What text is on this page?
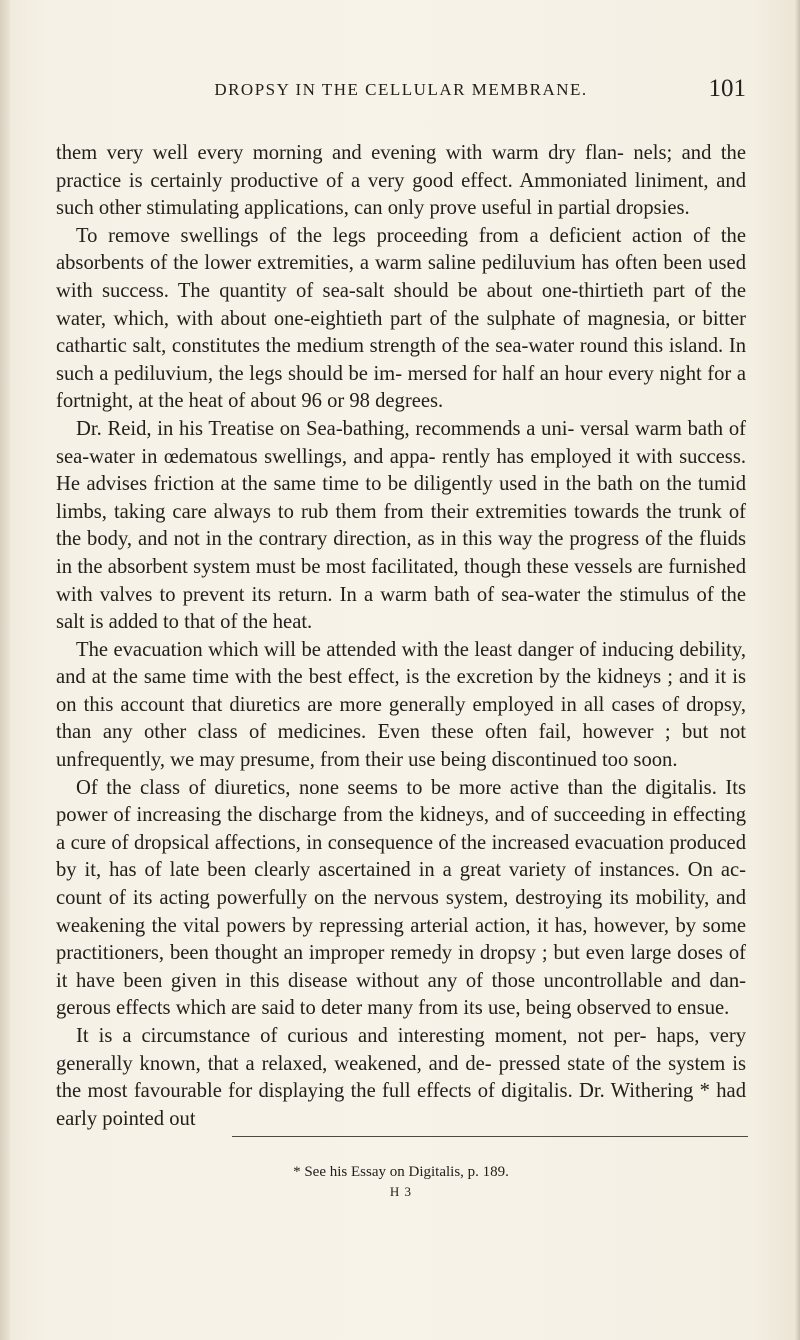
DROPSY IN THE CELLULAR MEMBRANE.	101

them very well every morning and evening with warm dry flan- nels; and the practice is certainly productive of a very good effect. Ammoniated liniment, and such other stimulating applications, can only prove useful in partial dropsies.

To remove swellings of the legs proceeding from a deficient action of the absorbents of the lower extremities, a warm saline pediluvium has often been used with success. The quantity of sea-salt should be about one-thirtieth part of the water, which, with about one-eightieth part of the sulphate of magnesia, or bitter cathartic salt, constitutes the medium strength of the sea-water round this island. In such a pediluvium, the legs should be im- mersed for half an hour every night for a fortnight, at the heat of about 96 or 98 degrees.

Dr. Reid, in his Treatise on Sea-bathing, recommends a uni- versal warm bath of sea-water in œdematous swellings, and appa- rently has employed it with success. He advises friction at the same time to be diligently used in the bath on the tumid limbs, taking care always to rub them from their extremities towards the trunk of the body, and not in the contrary direction, as in this way the progress of the fluids in the absorbent system must be most facilitated, though these vessels are furnished with valves to prevent its return. In a warm bath of sea-water the stimulus of the salt is added to that of the heat.

The evacuation which will be attended with the least danger of inducing debility, and at the same time with the best effect, is the excretion by the kidneys ; and it is on this account that diuretics are more generally employed in all cases of dropsy, than any other class of medicines. Even these often fail, however ; but not unfrequently, we may presume, from their use being discontinued too soon.

Of the class of diuretics, none seems to be more active than the digitalis. Its power of increasing the discharge from the kidneys, and of succeeding in effecting a cure of dropsical affections, in consequence of the increased evacuation produced by it, has of late been clearly ascertained in a great variety of instances. On ac- count of its acting powerfully on the nervous system, destroying its mobility, and weakening the vital powers by repressing arterial action, it has, however, by some practitioners, been thought an improper remedy in dropsy ; but even large doses of it have been given in this disease without any of those uncontrollable and dan- gerous effects which are said to deter many from its use, being observed to ensue.

It is a circumstance of curious and interesting moment, not per- haps, very generally known, that a relaxed, weakened, and de- pressed state of the system is the most favourable for displaying the full effects of digitalis. Dr. Withering * had early pointed out

* See his Essay on Digitalis, p. 189.
H 3
